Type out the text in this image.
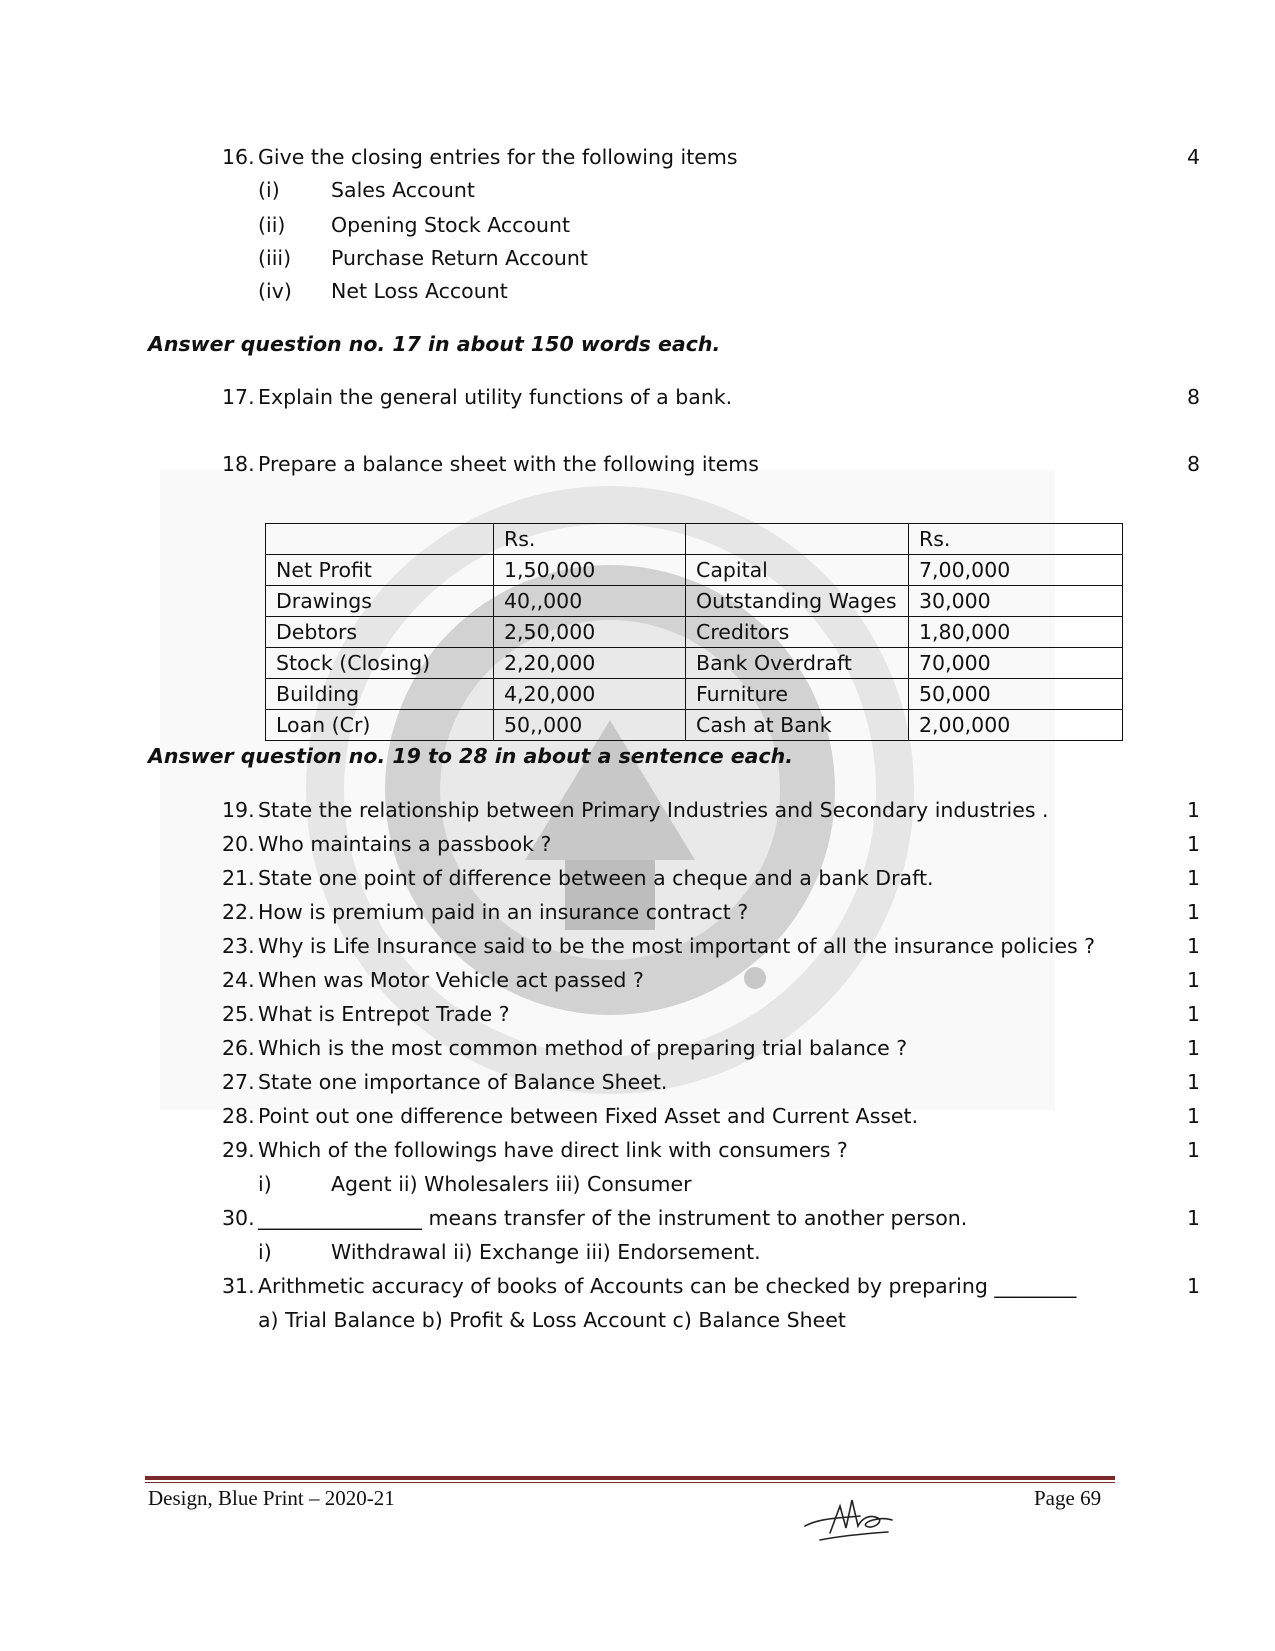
16. Give the closing entries for the following items	4
(i)	Sales Account
(ii) Opening Stock Account
(iii) Purchase Return Account
(iv) Net Loss Account
Answer question no. 17 in about 150 words each.
17. Explain the general utility functions of a bank.	8
18. Prepare a balance sheet with the following items	8
	Rs.		Rs.
Net Profit	1,50,000	Capital	7,00,000
Drawings	40,,000	Outstanding Wages	30,000
Debtors	2,50,000	Creditors	1,80,000
Stock (Closing)	2,20,000	Bank Overdraft	70,000
Building	4,20,000	Furniture	50,000
Loan (Cr)	50,,000	Cash at Bank	2,00,000
Answer question no. 19 to 28 in about a sentence each.
19. State the relationship between Primary Industries and Secondary industries .	1
20. Who maintains a passbook ?	1
21. State one point of difference between a cheque and a bank Draft.	1
22. How is premium paid in an insurance contract ?	1
23. Why is Life Insurance said to be the most important of all the insurance policies ?	1
24. When was Motor Vehicle act passed ?	1
25. What is Entrepot Trade ?	1
26. Which is the most common method of preparing trial balance ?	1
27. State one importance of Balance Sheet.	1
28. Point out one difference between Fixed Asset and Current Asset.	1
29. Which of the followings have direct link with consumers ?	1
i)	Agent ii) Wholesalers iii) Consumer
30. ________________ means transfer of the instrument to another person.	1
i)	Withdrawal ii) Exchange iii) Endorsement.
31. Arithmetic accuracy of books of Accounts can be checked by preparing ________	1
a) Trial Balance b) Profit & Loss Account c) Balance Sheet
Design, Blue Print – 2020-21	Page 69
